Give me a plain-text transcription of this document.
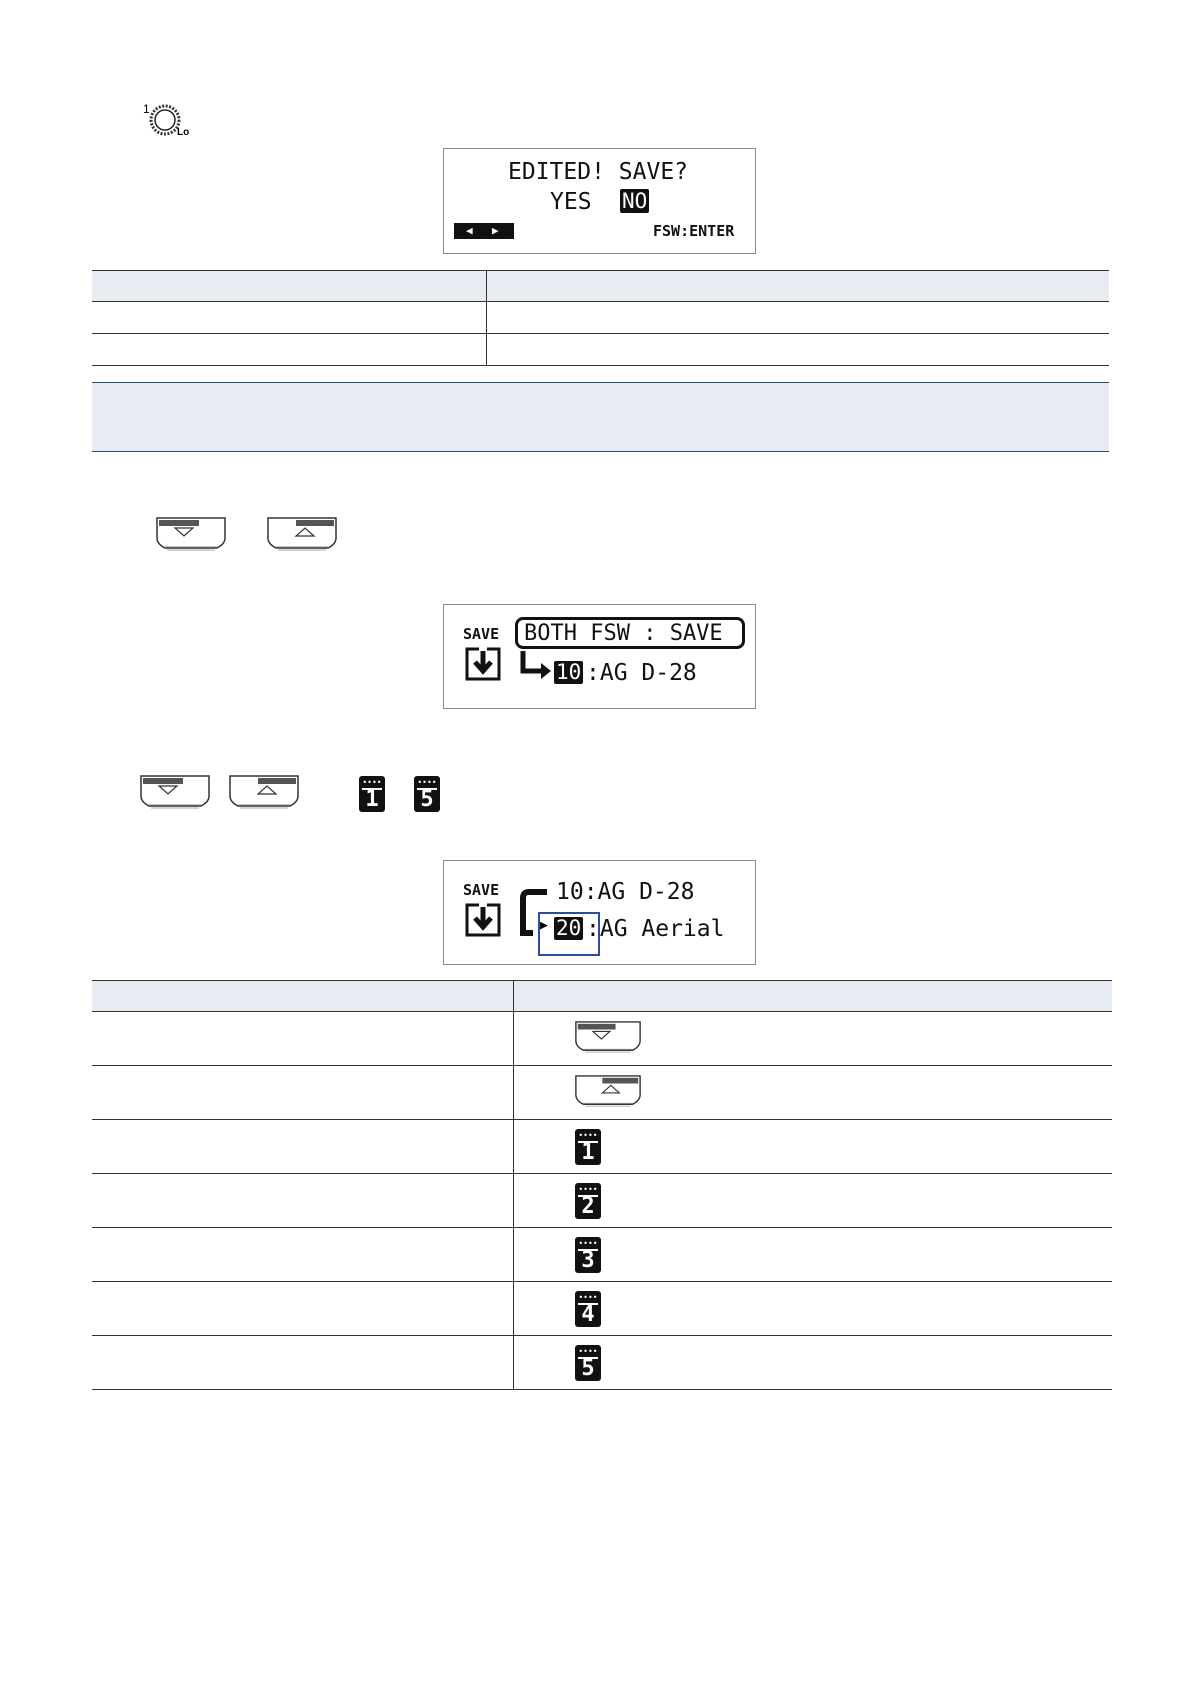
1
Lo
EDITED! SAVE?
YES NO
◀ ▶	FSW:ENTER

SAVE BOTH FSW : SAVE
10 :AG D-28
••••
1
••••
5
SAVE 10:AG D-28
▶ 20 :AG Aerial

	••••
1

	••••
2

	••••
3

	••••
4

	••••
5
